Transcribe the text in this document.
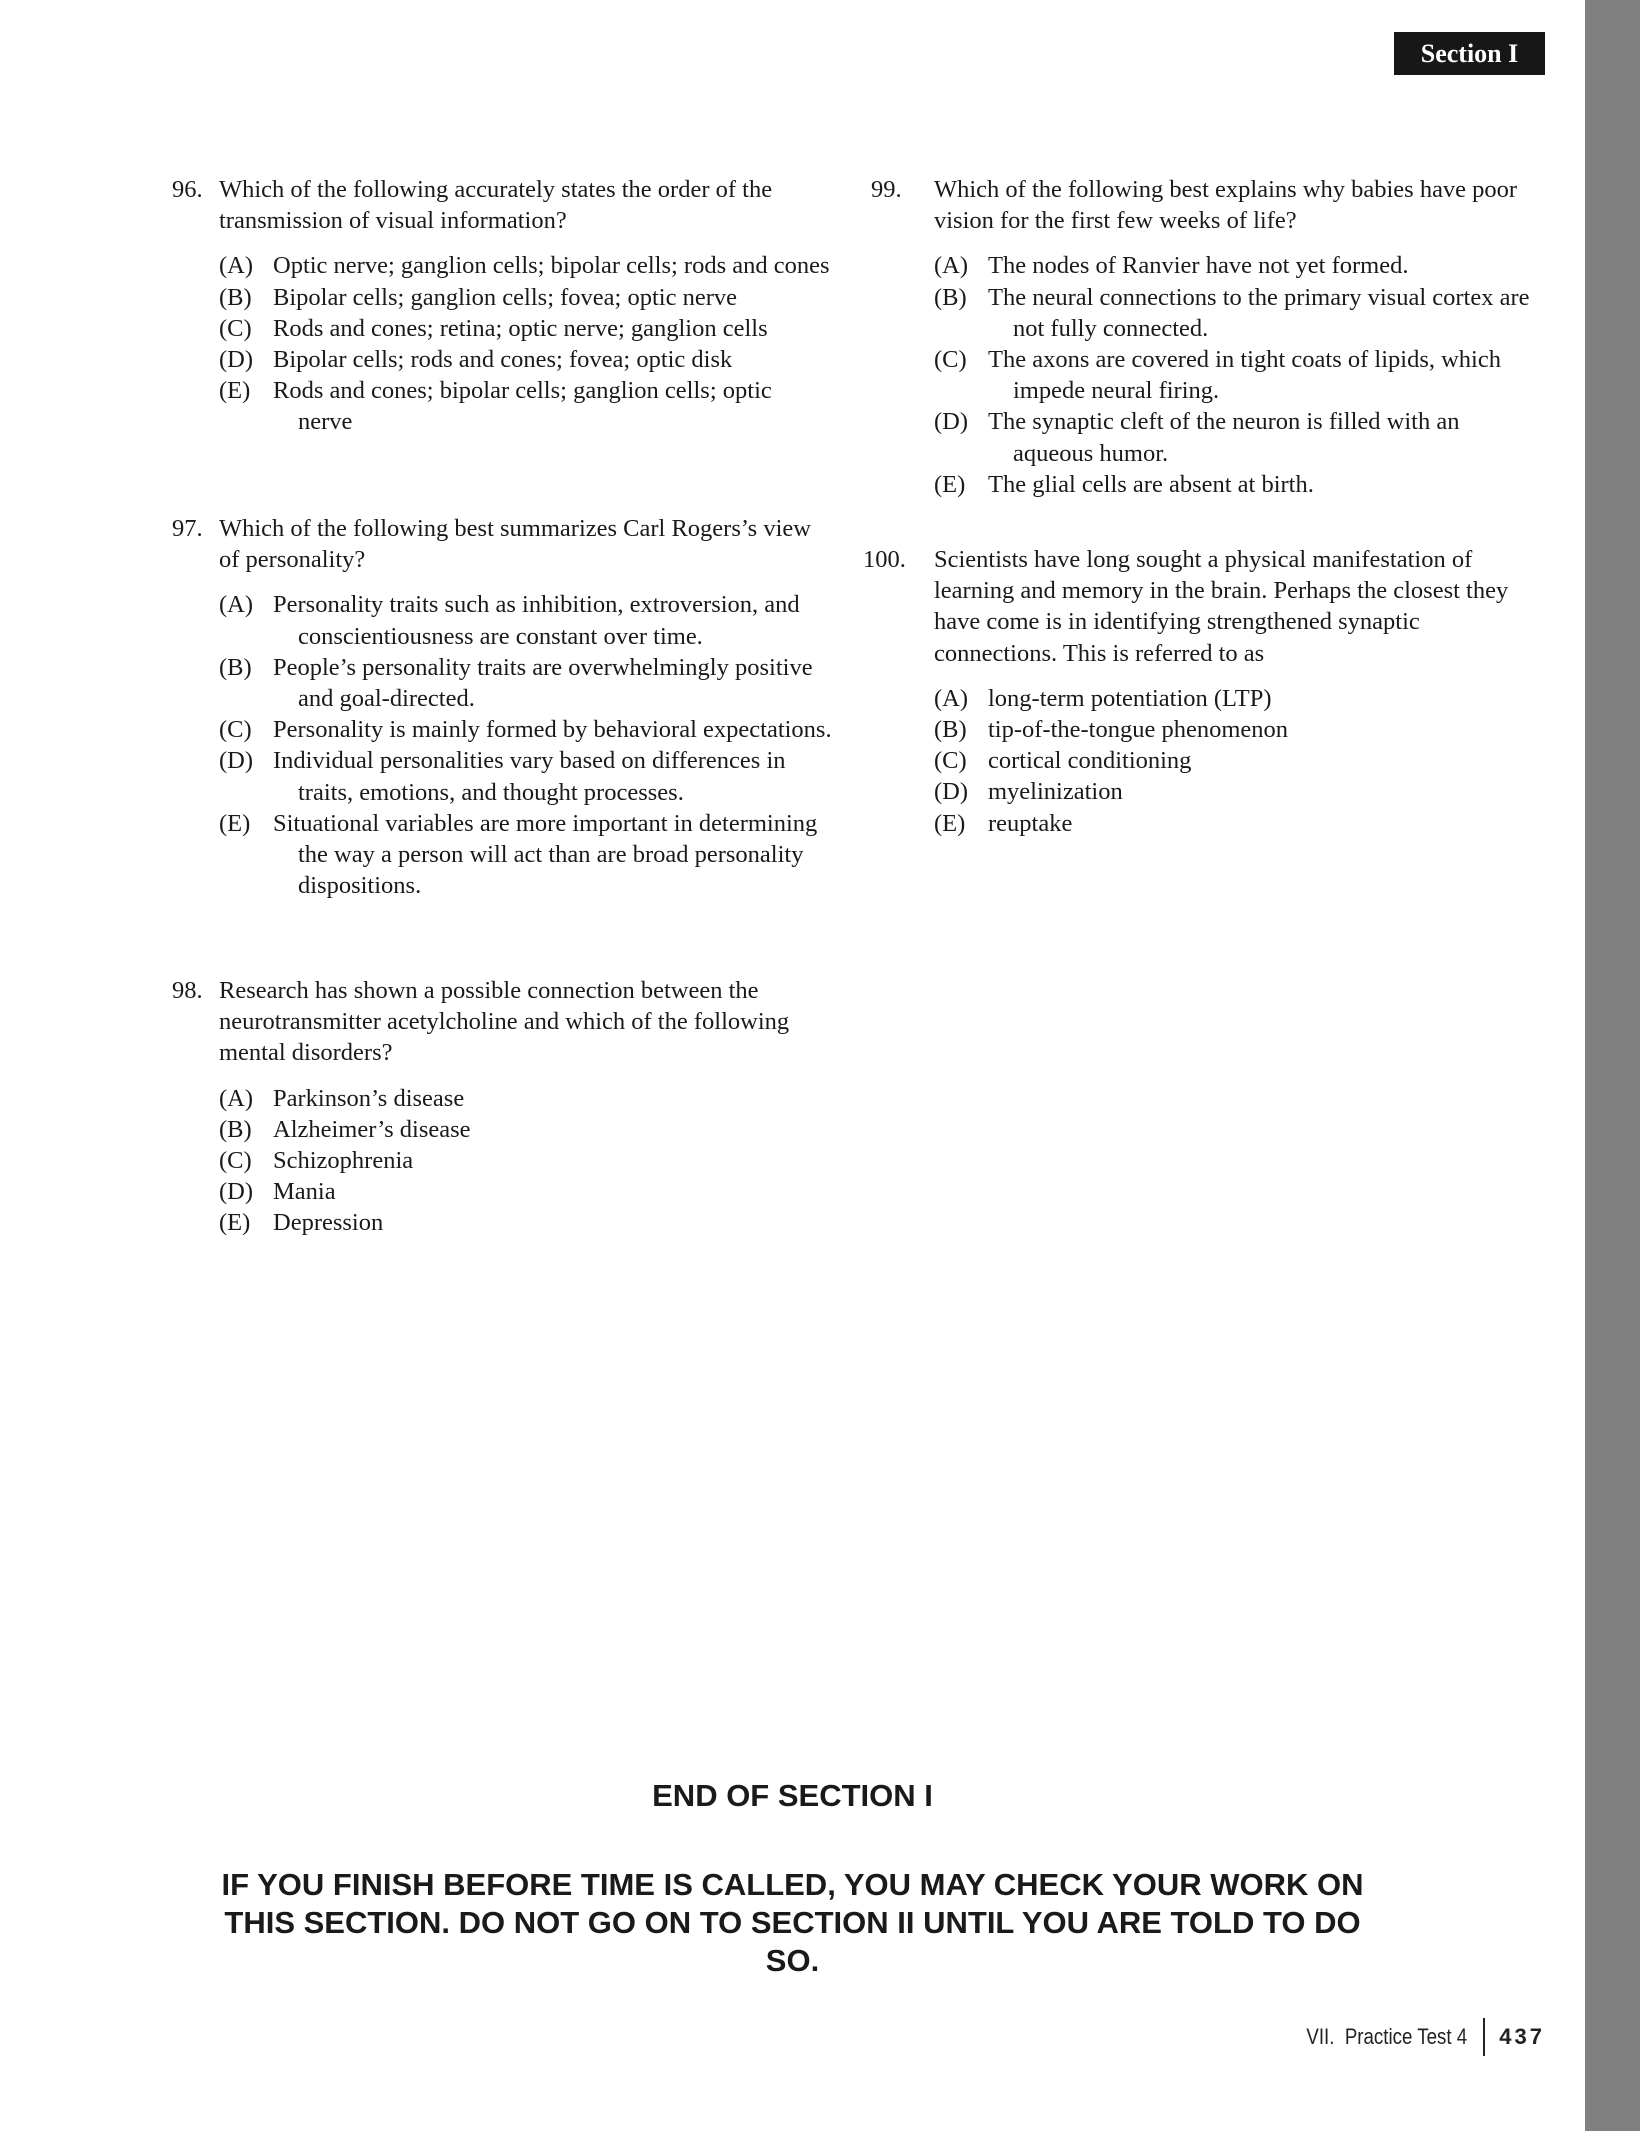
Section I
96. Which of the following accurately states the order of the transmission of visual information?
(A) Optic nerve; ganglion cells; bipolar cells; rods and cones
(B) Bipolar cells; ganglion cells; fovea; optic nerve
(C) Rods and cones; retina; optic nerve; ganglion cells
(D) Bipolar cells; rods and cones; fovea; optic disk
(E) Rods and cones; bipolar cells; ganglion cells; optic nerve
97. Which of the following best summarizes Carl Rogers’s view of personality?
(A) Personality traits such as inhibition, extroversion, and conscientiousness are constant over time.
(B) People’s personality traits are overwhelmingly positive and goal-directed.
(C) Personality is mainly formed by behavioral expectations.
(D) Individual personalities vary based on differences in traits, emotions, and thought processes.
(E) Situational variables are more important in determining the way a person will act than are broad personality dispositions.
98. Research has shown a possible connection between the neurotransmitter acetylcholine and which of the following mental disorders?
(A) Parkinson’s disease
(B) Alzheimer’s disease
(C) Schizophrenia
(D) Mania
(E) Depression
99.	Which of the following best explains why babies have poor vision for the first few weeks of life?
(A) The nodes of Ranvier have not yet formed.
(B) The neural connections to the primary visual cortex are not fully connected.
(C) The axons are covered in tight coats of lipids, which impede neural firing.
(D) The synaptic cleft of the neuron is filled with an aqueous humor.
(E) The glial cells are absent at birth.
100.	Scientists have long sought a physical manifestation of learning and memory in the brain. Perhaps the closest they have come is in identifying strengthened synaptic connections. This is referred to as
(A) long-term potentiation (LTP)
(B) tip-of-the-tongue phenomenon
(C) cortical conditioning
(D) myelinization
(E) reuptake
END OF SECTION I
IF YOU FINISH BEFORE TIME IS CALLED, YOU MAY CHECK YOUR WORK ON THIS SECTION. DO NOT GO ON TO SECTION II UNTIL YOU ARE TOLD TO DO SO.
VII.  Practice Test 4 437
